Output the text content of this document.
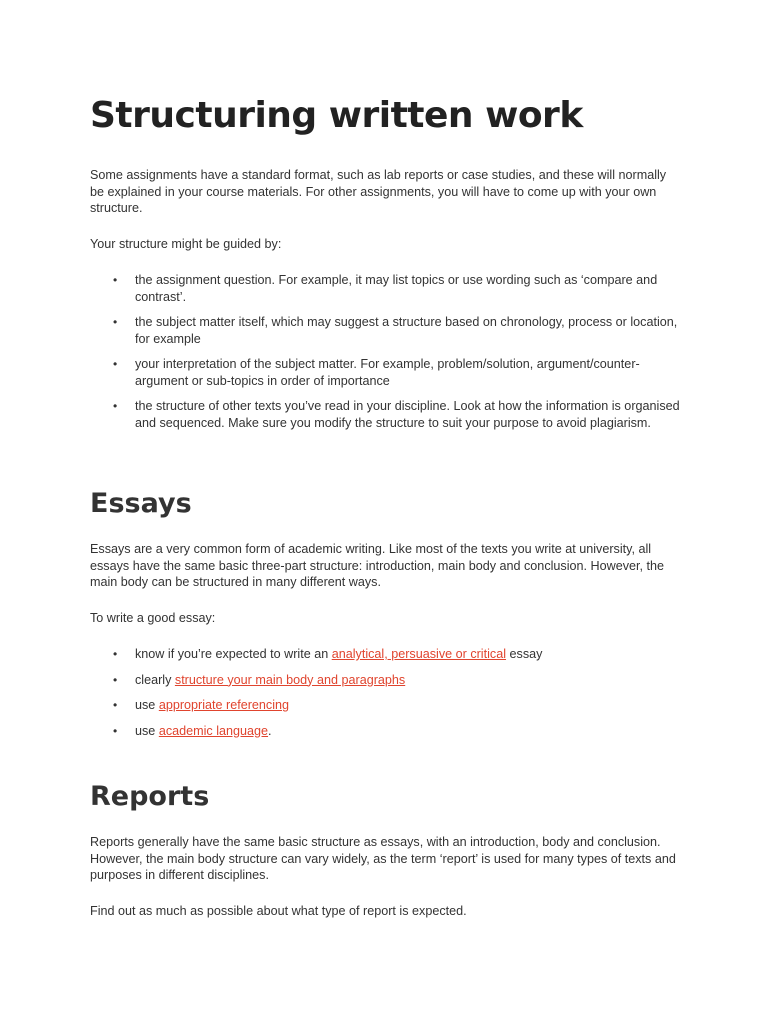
Structuring written work

Some assignments have a standard format, such as lab reports or case studies, and these will normally be explained in your course materials. For other assignments, you will have to come up with your own structure.

Your structure might be guided by:

• the assignment question. For example, it may list topics or use wording such as ‘compare and contrast’.
• the subject matter itself, which may suggest a structure based on chronology, process or location, for example
• your interpretation of the subject matter. For example, problem/solution, argument/counter-argument or sub-topics in order of importance
• the structure of other texts you’ve read in your discipline. Look at how the information is organised and sequenced. Make sure you modify the structure to suit your purpose to avoid plagiarism.
Essays

Essays are a very common form of academic writing. Like most of the texts you write at university, all essays have the same basic three-part structure: introduction, main body and conclusion. However, the main body can be structured in many different ways.

To write a good essay:

• know if you’re expected to write an analytical, persuasive or critical essay
• clearly structure your main body and paragraphs
• use appropriate referencing
• use academic language.
Reports

Reports generally have the same basic structure as essays, with an introduction, body and conclusion. However, the main body structure can vary widely, as the term ‘report’ is used for many types of texts and purposes in different disciplines.

Find out as much as possible about what type of report is expected.
